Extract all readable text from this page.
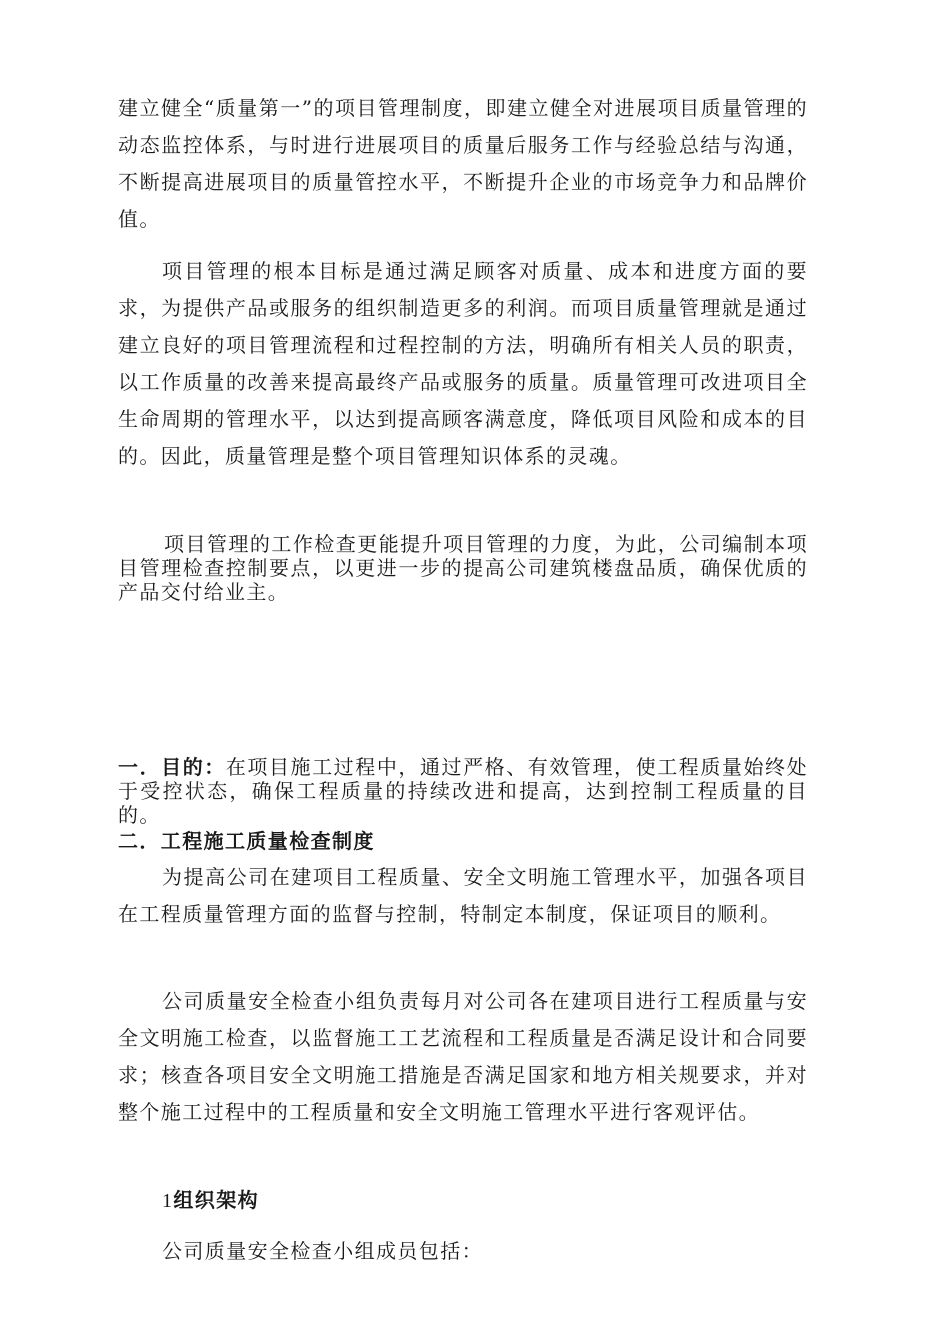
建立健全“质量第一”的项目管理制度，即建立健全对进展项目质量管理的动态监控体系，与时进行进展项目的质量后服务工作与经验总结与沟通，不断提高进展项目的质量管控水平，不断提升企业的市场竞争力和品牌价值。

项目管理的根本目标是通过满足顾客对质量、成本和进度方面的要求，为提供产品或服务的组织制造更多的利润。而项目质量管理就是通过建立良好的项目管理流程和过程控制的方法，明确所有相关人员的职责，以工作质量的改善来提高最终产品或服务的质量。质量管理可改进项目全生命周期的管理水平，以达到提高顾客满意度，降低项目风险和成本的目的。因此，质量管理是整个项目管理知识体系的灵魂。

项目管理的工作检查更能提升项目管理的力度，为此，公司编制本项目管理检查控制要点，以更进一步的提高公司建筑楼盘品质，确保优质的产品交付给业主。

一．目的：在项目施工过程中，通过严格、有效管理，使工程质量始终处于受控状态，确保工程质量的持续改进和提高，达到控制工程质量的目的。

二．工程施工质量检查制度

为提高公司在建项目工程质量、安全文明施工管理水平，加强各项目在工程质量管理方面的监督与控制，特制定本制度，保证项目的顺利。

公司质量安全检查小组负责每月对公司各在建项目进行工程质量与安全文明施工检查，以监督施工工艺流程和工程质量是否满足设计和合同要求；核查各项目安全文明施工措施是否满足国家和地方相关规要求，并对整个施工过程中的工程质量和安全文明施工管理水平进行客观评估。

1组织架构

公司质量安全检查小组成员包括：
